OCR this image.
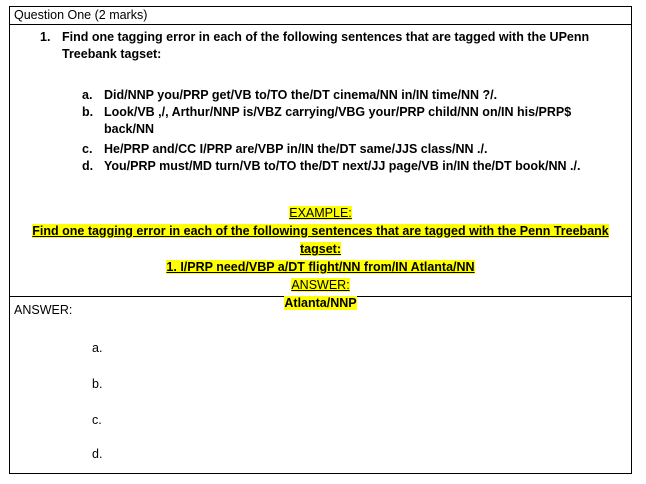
Question One (2 marks)
1. Find one tagging error in each of the following sentences that are tagged with the UPenn Treebank tagset:
a. Did/NNP you/PRP get/VB to/TO the/DT cinema/NN in/IN time/NN ?/.
b. Look/VB ,/, Arthur/NNP is/VBZ carrying/VBG your/PRP child/NN on/IN his/PRP$ back/NN
c. He/PRP and/CC I/PRP are/VBP in/IN the/DT same/JJS class/NN ./.
d. You/PRP must/MD turn/VB to/TO the/DT next/JJ page/VB in/IN the/DT book/NN ./.
EXAMPLE:
Find one tagging error in each of the following sentences that are tagged with the Penn Treebank tagset:
1. I/PRP need/VBP a/DT flight/NN from/IN Atlanta/NN
ANSWER:
Atlanta/NNP
ANSWER:
a.
b.
c.
d.
